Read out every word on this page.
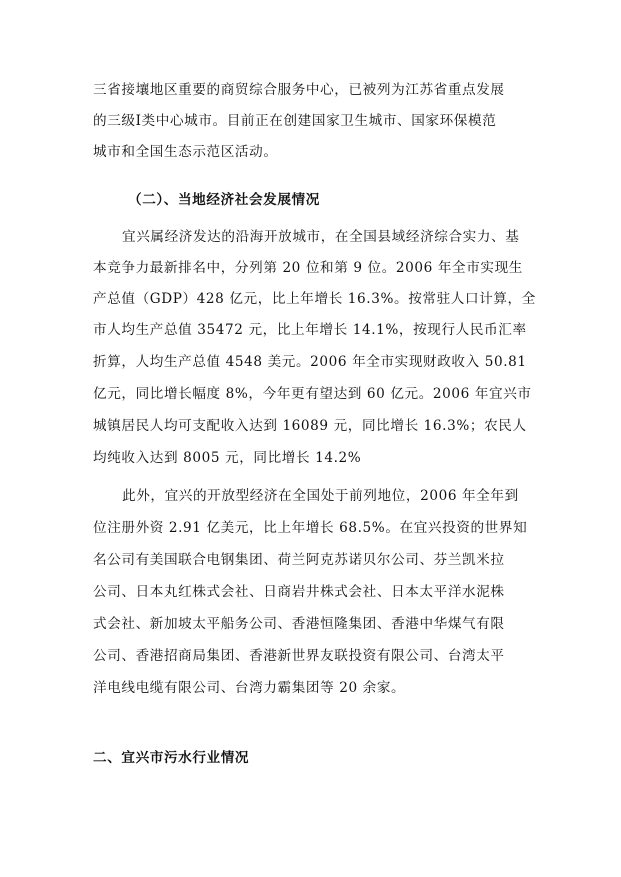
三省接壤地区重要的商贸综合服务中心，已被列为江苏省重点发展
的三级Ⅰ类中心城市。目前正在创建国家卫生城市、国家环保模范
城市和全国生态示范区活动。
（二）、当地经济社会发展情况
宜兴属经济发达的沿海开放城市，在全国县域经济综合实力、基
本竞争力最新排名中，分列第 20 位和第 9 位。2006 年全市实现生
产总值（GDP）428 亿元，比上年增长 16.3%。按常驻人口计算，全
市人均生产总值 35472 元，比上年增长 14.1%，按现行人民币汇率
折算，人均生产总值 4548 美元。2006 年全市实现财政收入 50.81
亿元，同比增长幅度 8%，今年更有望达到 60 亿元。2006 年宜兴市
城镇居民人均可支配收入达到 16089 元，同比增长 16.3%；农民人
均纯收入达到 8005 元，同比增长 14.2%
此外，宜兴的开放型经济在全国处于前列地位，2006 年全年到
位注册外资 2.91 亿美元，比上年增长 68.5%。在宜兴投资的世界知
名公司有美国联合电钢集团、荷兰阿克苏诺贝尔公司、芬兰凯米拉
公司、日本丸红株式会社、日商岩井株式会社、日本太平洋水泥株
式会社、新加坡太平船务公司、香港恒隆集团、香港中华煤气有限
公司、香港招商局集团、香港新世界友联投资有限公司、台湾太平
洋电线电缆有限公司、台湾力霸集团等 20 余家。
二、宜兴市污水行业情况
